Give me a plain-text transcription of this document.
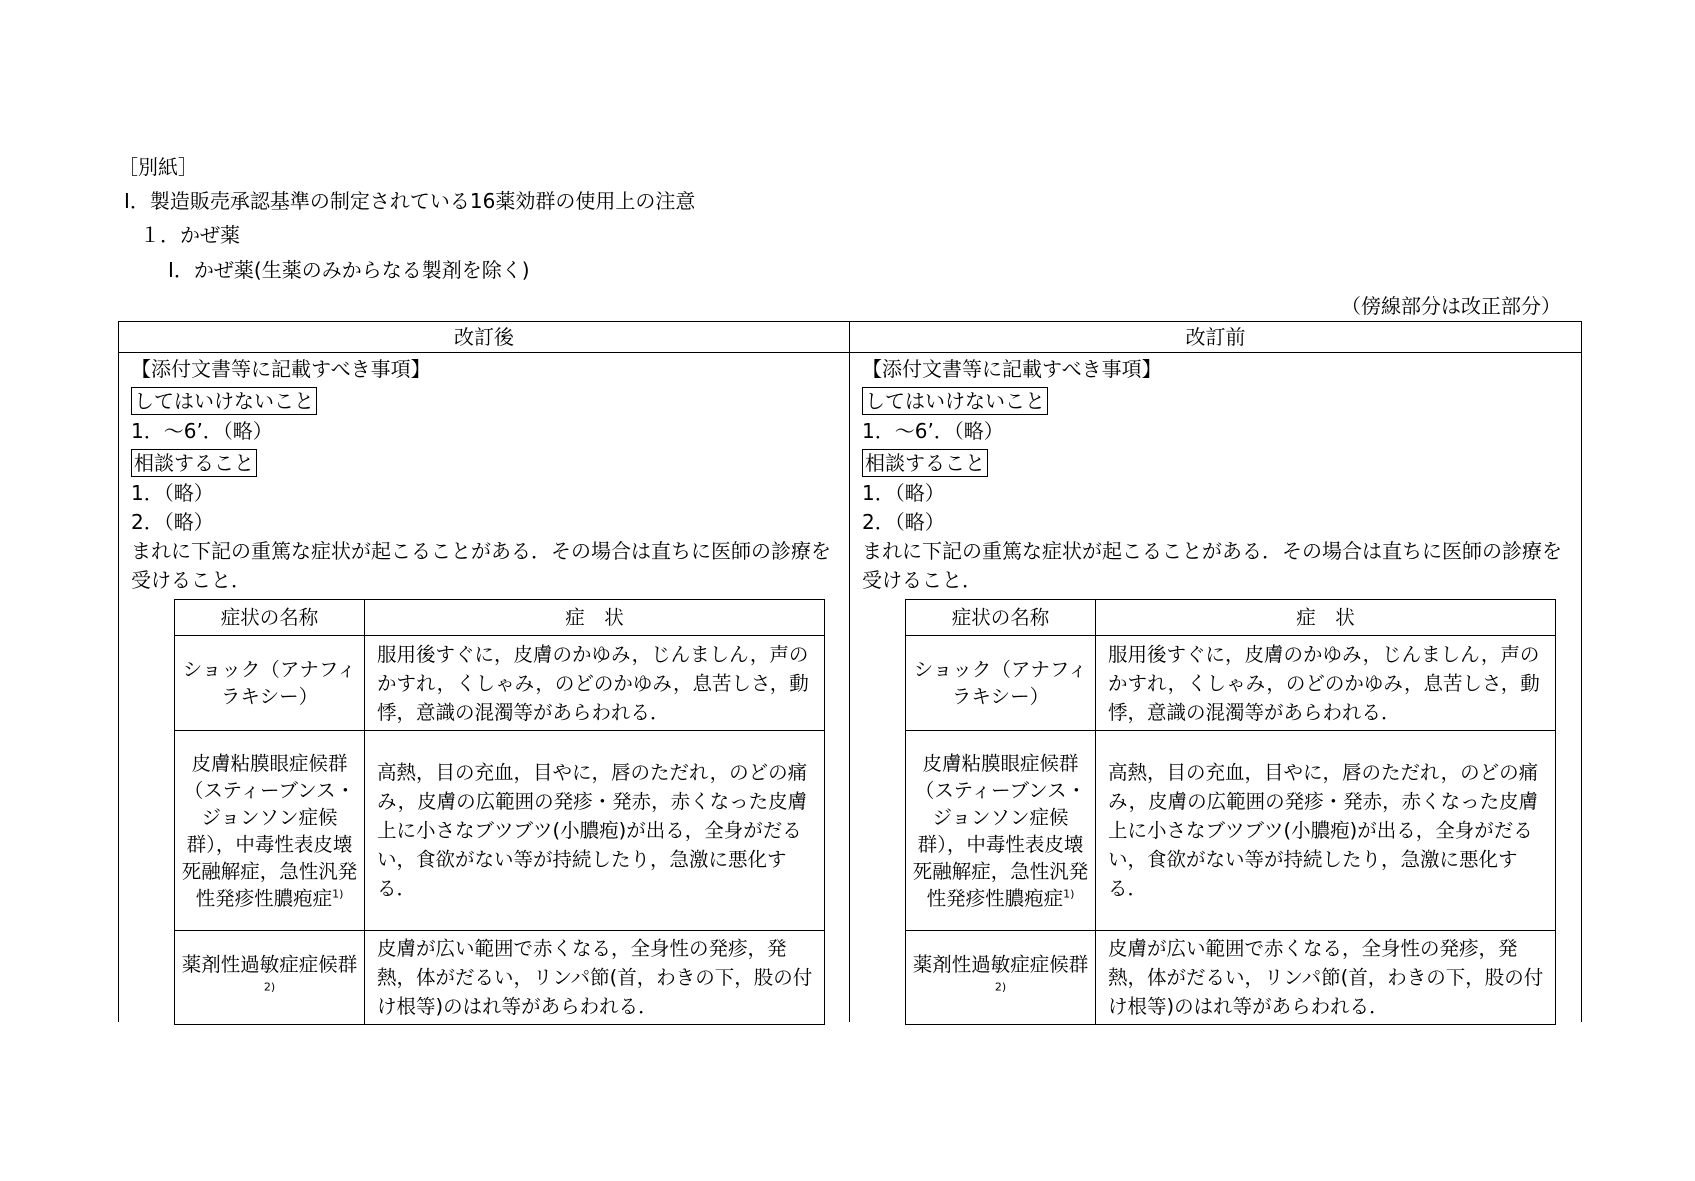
［別紙］
Ⅰ．製造販売承認基準の制定されている16薬効群の使用上の注意
１．かぜ薬
Ⅰ．かぜ薬(生薬のみからなる製剤を除く)
（傍線部分は改正部分）
改訂後	改訂前
【添付文書等に記載すべき事項】
してはいけないこと
1．～6’．（略）
相談すること
1．（略）
2．（略）
まれに下記の重篤な症状が起こることがある．その場合は直ちに医師の診療を受けること．
症状の名称	症　状
ショック（アナフィラキシー）	服用後すぐに，皮膚のかゆみ，じんましん，声のかすれ，くしゃみ，のどのかゆみ，息苦しさ，動悸，意識の混濁等があらわれる．
皮膚粘膜眼症候群（スティーブンス・ジョンソン症候群），中毒性表皮壊死融解症，急性汎発性発疹性膿疱症$^{1)}$	高熱，目の充血，目やに，唇のただれ，のどの痛み，皮膚の広範囲の発疹・発赤，赤くなった皮膚上に小さなブツブツ(小膿疱)が出る，全身がだるい，食欲がない等が持続したり，急激に悪化する．
薬剤性過敏症症候群$^{2)}$	皮膚が広い範囲で赤くなる，全身性の発疹，発熱，体がだるい，リンパ節(首，わきの下，股の付け根等)のはれ等があらわれる．
【添付文書等に記載すべき事項】
してはいけないこと
1．～6’．（略）
相談すること
1．（略）
2．（略）
まれに下記の重篤な症状が起こることがある．その場合は直ちに医師の診療を受けること．
症状の名称	症　状
ショック（アナフィラキシー）	服用後すぐに，皮膚のかゆみ，じんましん，声のかすれ，くしゃみ，のどのかゆみ，息苦しさ，動悸，意識の混濁等があらわれる．
皮膚粘膜眼症候群（スティーブンス・ジョンソン症候群），中毒性表皮壊死融解症，急性汎発性発疹性膿疱症$^{1)}$	高熱，目の充血，目やに，唇のただれ，のどの痛み，皮膚の広範囲の発疹・発赤，赤くなった皮膚上に小さなブツブツ(小膿疱)が出る，全身がだるい，食欲がない等が持続したり，急激に悪化する．
薬剤性過敏症症候群$^{2)}$	皮膚が広い範囲で赤くなる，全身性の発疹，発熱，体がだるい，リンパ節(首，わきの下，股の付け根等)のはれ等があらわれる．
